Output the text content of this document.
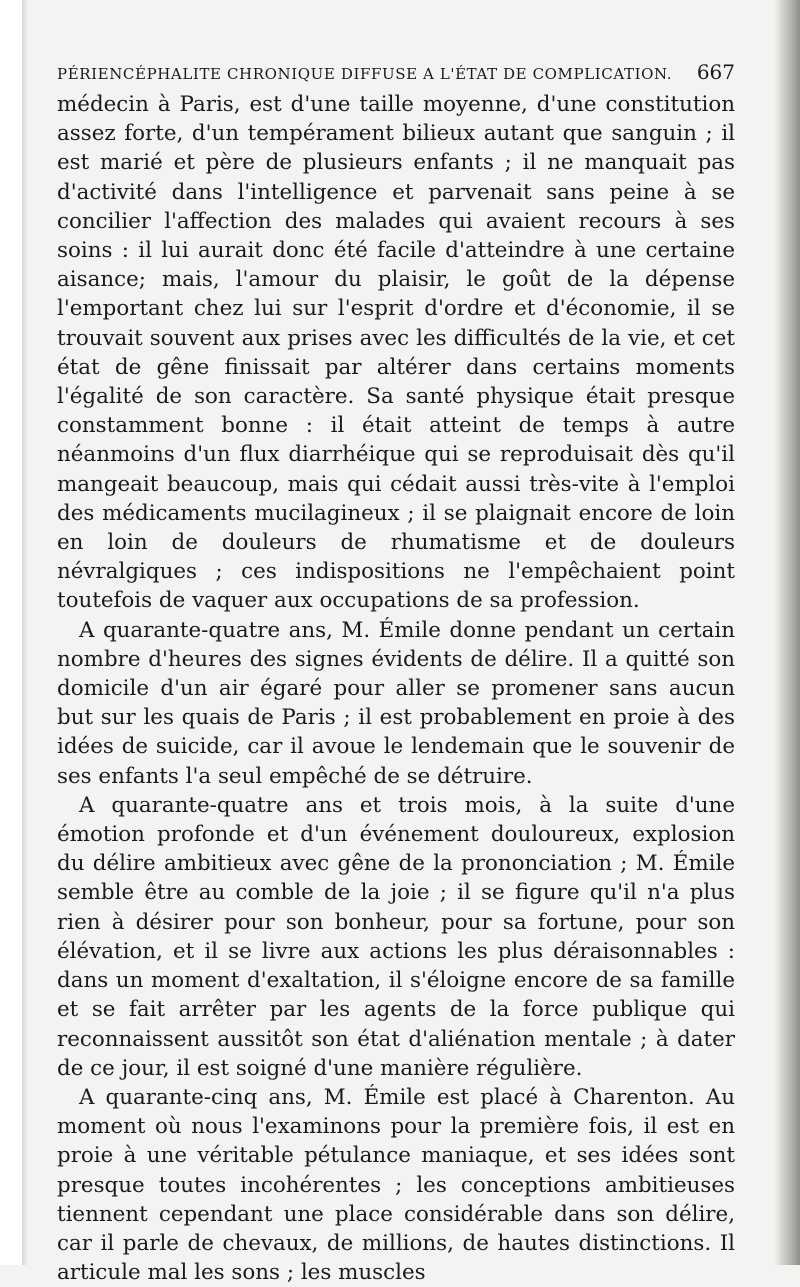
PÉRIENCÉPHALITE CHRONIQUE DIFFUSE A L'ÉTAT DE COMPLICATION. 667

médecin à Paris, est d'une taille moyenne, d'une constitution assez forte, d'un tempérament bilieux autant que sanguin ; il est marié et père de plusieurs enfants ; il ne manquait pas d'activité dans l'intelligence et parvenait sans peine à se concilier l'affection des malades qui avaient recours à ses soins : il lui aurait donc été facile d'atteindre à une certaine aisance; mais, l'amour du plaisir, le goût de la dépense l'emportant chez lui sur l'esprit d'ordre et d'économie, il se trouvait souvent aux prises avec les difficultés de la vie, et cet état de gêne finissait par altérer dans certains moments l'égalité de son caractère. Sa santé physique était presque constamment bonne : il était atteint de temps à autre néanmoins d'un flux diarrhéique qui se reproduisait dès qu'il mangeait beaucoup, mais qui cédait aussi très-vite à l'emploi des médicaments mucilagineux ; il se plaignait encore de loin en loin de douleurs de rhumatisme et de douleurs névralgiques ; ces indispositions ne l'empêchaient point toutefois de vaquer aux occupations de sa profession.

A quarante-quatre ans, M. Émile donne pendant un certain nombre d'heures des signes évidents de délire. Il a quitté son domicile d'un air égaré pour aller se promener sans aucun but sur les quais de Paris ; il est probablement en proie à des idées de suicide, car il avoue le lendemain que le souvenir de ses enfants l'a seul empêché de se détruire.

A quarante-quatre ans et trois mois, à la suite d'une émotion profonde et d'un événement douloureux, explosion du délire ambitieux avec gêne de la prononciation ; M. Émile semble être au comble de la joie ; il se figure qu'il n'a plus rien à désirer pour son bonheur, pour sa fortune, pour son élévation, et il se livre aux actions les plus déraisonnables : dans un moment d'exaltation, il s'éloigne encore de sa famille et se fait arrêter par les agents de la force publique qui reconnaissent aussitôt son état d'aliénation mentale ; à dater de ce jour, il est soigné d'une manière régulière.

A quarante-cinq ans, M. Émile est placé à Charenton. Au moment où nous l'examinons pour la première fois, il est en proie à une véritable pétulance maniaque, et ses idées sont presque toutes incohérentes ; les conceptions ambitieuses tiennent cependant une place considérable dans son délire, car il parle de chevaux, de millions, de hautes distinctions. Il articule mal les sons ; les muscles
